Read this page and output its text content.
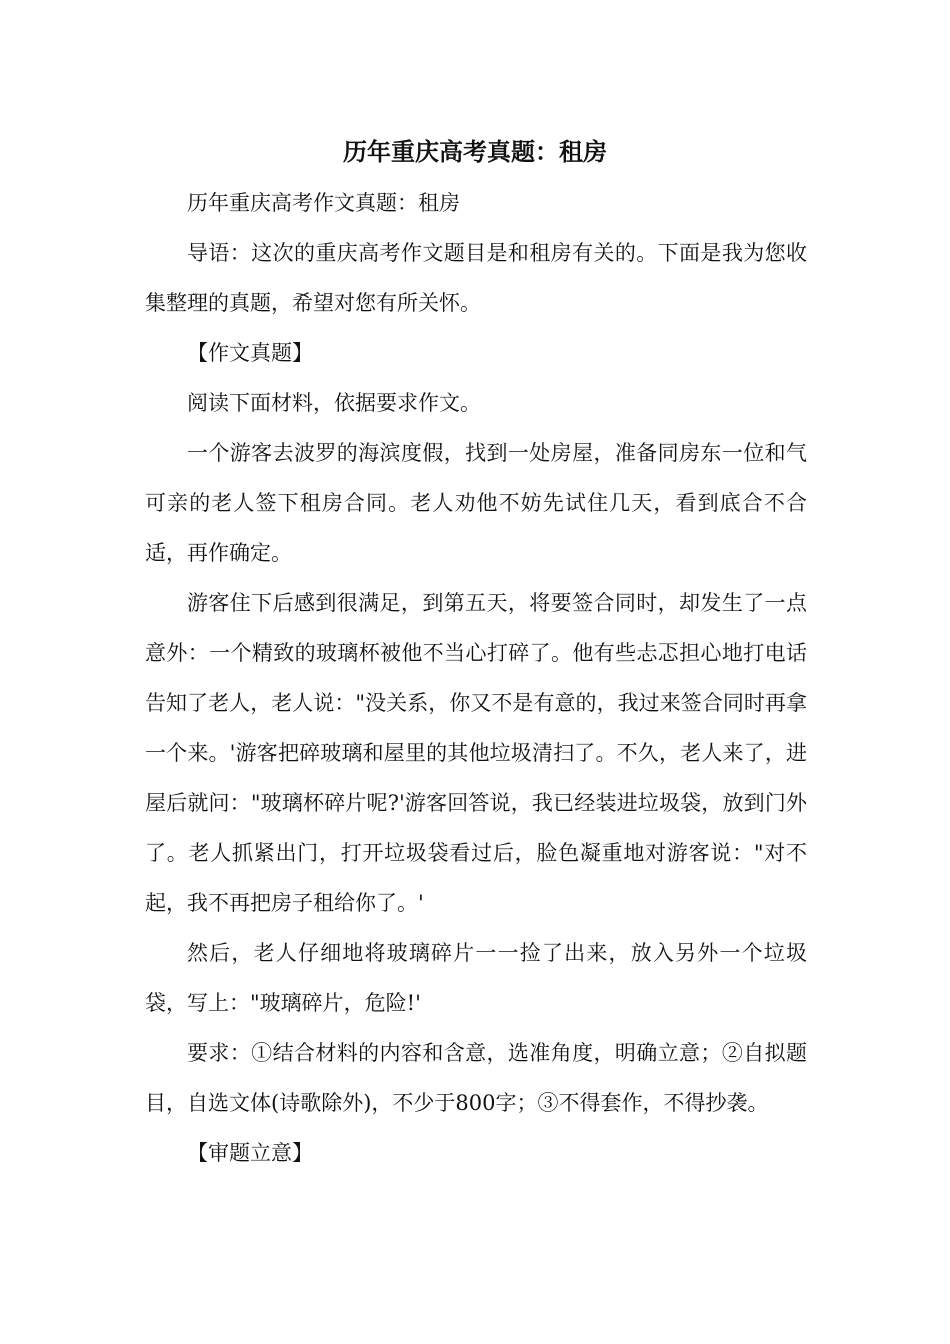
历年重庆高考真题：租房

历年重庆高考作文真题：租房

导语：这次的重庆高考作文题目是和租房有关的。下面是我为您收集整理的真题，希望对您有所关怀。

【作文真题】

阅读下面材料，依据要求作文。

一个游客去波罗的海滨度假，找到一处房屋，准备同房东一位和气可亲的老人签下租房合同。老人劝他不妨先试住几天，看到底合不合适，再作确定。

游客住下后感到很满足，到第五天，将要签合同时，却发生了一点意外：一个精致的玻璃杯被他不当心打碎了。他有些忐忑担心地打电话告知了老人，老人说："没关系，你又不是有意的，我过来签合同时再拿一个来。'游客把碎玻璃和屋里的其他垃圾清扫了。不久，老人来了，进屋后就问："玻璃杯碎片呢?'游客回答说，我已经装进垃圾袋，放到门外了。老人抓紧出门，打开垃圾袋看过后，脸色凝重地对游客说："对不起，我不再把房子租给你了。'

然后，老人仔细地将玻璃碎片一一捡了出来，放入另外一个垃圾袋，写上："玻璃碎片，危险!'

要求：①结合材料的内容和含意，选准角度，明确立意；②自拟题目，自选文体(诗歌除外)，不少于800字；③不得套作，不得抄袭。

【审题立意】
